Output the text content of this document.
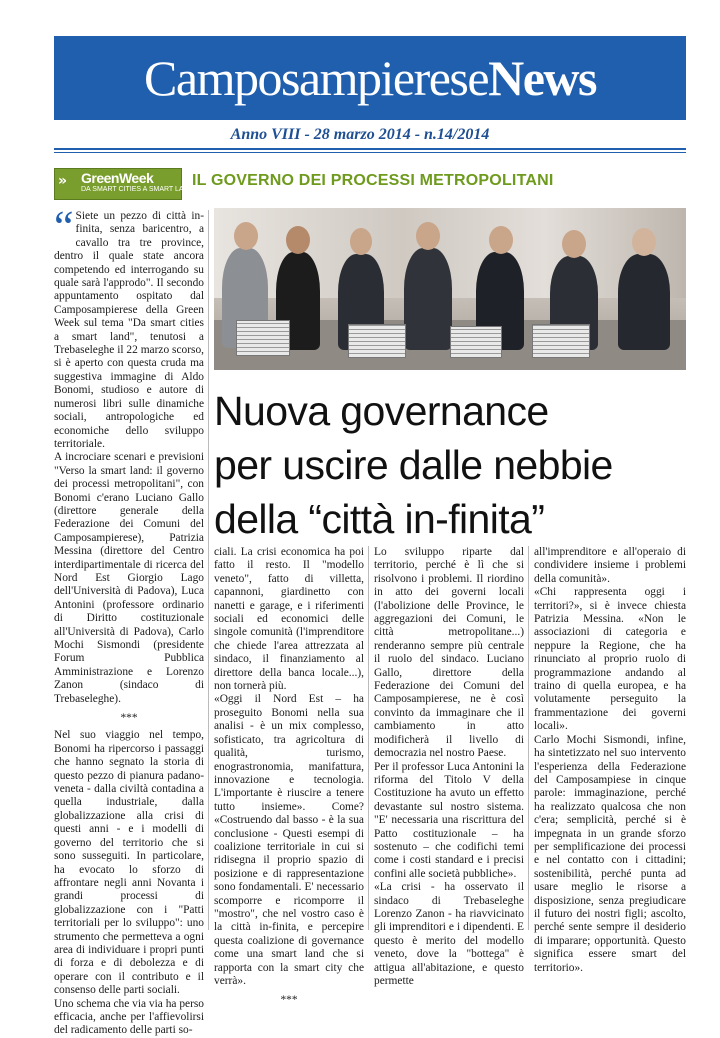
CamposampiereseNews
Anno VIII - 28 marzo 2014 - n.14/2014
» GreenWeek
DA SMART CITIES A SMART LAND
IL GOVERNO DEI PROCESSI METROPOLITANI
Nuova governance
per uscire dalle nebbie
della “città in-finita”
“ Siete un pezzo di città in-finita, senza baricentro, a cavallo tra tre province, dentro il quale state ancora competendo ed interrogando su quale sarà l'approdo". Il secondo appuntamento ospitato dal Camposampierese della Green Week sul tema "Da smart cities a smart land", tenutosi a Trebaseleghe il 22 marzo scorso, si è aperto con questa cruda ma suggestiva immagine di Aldo Bonomi, studioso e autore di numerosi libri sulle dinamiche sociali, antropologiche ed economiche dello sviluppo territoriale.

A incrociare scenari e previsioni "Verso la smart land: il governo dei processi metropolitani", con Bonomi c'erano Luciano Gallo (direttore generale della Federazione dei Comuni del Camposampierese), Patrizia Messina (direttore del Centro interdipartimentale di ricerca del Nord Est Giorgio Lago dell'Università di Padova), Luca Antonini (professore ordinario di Diritto costituzionale all'Università di Padova), Carlo Mochi Sismondi (presidente Forum Pubblica Amministrazione e Lorenzo Zanon (sindaco di Trebaseleghe).

***

Nel suo viaggio nel tempo, Bonomi ha ripercorso i passaggi che hanno segnato la storia di questo pezzo di pianura padano-veneta - dalla civiltà contadina a quella industriale, dalla globalizzazione alla crisi di questi anni - e i modelli di governo del territorio che si sono susseguiti. In particolare, ha evocato lo sforzo di affrontare negli anni Novanta i grandi processi di globalizzazione con i "Patti territoriali per lo sviluppo": uno strumento che permetteva a ogni area di individuare i propri punti di forza e di debolezza e di operare con il contributo e il consenso delle parti sociali.

Uno schema che via via ha perso efficacia, anche per l'affievolirsi del radicamento delle parti so-

ciali. La crisi economica ha poi fatto il resto. Il "modello veneto", fatto di villetta, capannoni, giardinetto con nanetti e garage, e i riferimenti sociali ed economici delle singole comunità (l'imprenditore che chiede l'area attrezzata al sindaco, il finanziamento al direttore della banca locale...), non tornerà più.

«Oggi il Nord Est – ha proseguito Bonomi nella sua analisi - è un mix complesso, sofisticato, tra agricoltura di qualità, turismo, enograstronomia, manifattura, innovazione e tecnologia. L'importante è riuscire a tenere tutto insieme». Come? «Costruendo dal basso - è la sua conclusione - Questi esempi di coalizione territoriale in cui si ridisegna il proprio spazio di posizione e di rappresentazione sono fondamentali. E' necessario scomporre e ricomporre il "mostro", che nel vostro caso è la città in-finita, e percepire questa coalizione di governance come una smart land che si rapporta con la smart city che verrà».

***

Lo sviluppo riparte dal territorio, perché è lì che si risolvono i problemi. Il riordino in atto dei governi locali (l'abolizione delle Province, le aggregazioni dei Comuni, le città metropolitane...) renderanno sempre più centrale il ruolo del sindaco. Luciano Gallo, direttore della Federazione dei Comuni del Camposampierese, ne è così convinto da immaginare che il cambiamento in atto modificherà il livello di democrazia nel nostro Paese.

Per il professor Luca Antonini la riforma del Titolo V della Costituzione ha avuto un effetto devastante sul nostro sistema. "E' necessaria una riscrittura del Patto costituzionale – ha sostenuto – che codifichi temi come i costi standard e i precisi confini alle società pubbliche».

«La crisi - ha osservato il sindaco di Trebaseleghe Lorenzo Zanon - ha riavvicinato gli imprenditori e i dipendenti. E questo è merito del modello veneto, dove la "bottega" è attigua all'abitazione, e questo permette

all'imprenditore e all'operaio di condividere insieme i problemi della comunità».

«Chi rappresenta oggi i territori?», si è invece chiesta Patrizia Messina. «Non le associazioni di categoria e neppure la Regione, che ha rinunciato al proprio ruolo di programmazione andando al traino di quella europea, e ha volutamente perseguito la frammentazione dei governi locali».

Carlo Mochi Sismondi, infine, ha sintetizzato nel suo intervento l'esperienza della Federazione del Camposampiese in cinque parole: immaginazione, perché ha realizzato qualcosa che non c'era; semplicità, perché si è impegnata in un grande sforzo per semplificazione dei processi e nel contatto con i cittadini; sostenibilità, perché punta ad usare meglio le risorse a disposizione, senza pregiudicare il futuro dei nostri figli; ascolto, perché sente sempre il desiderio di imparare; opportunità. Questo significa essere smart del territorio».
